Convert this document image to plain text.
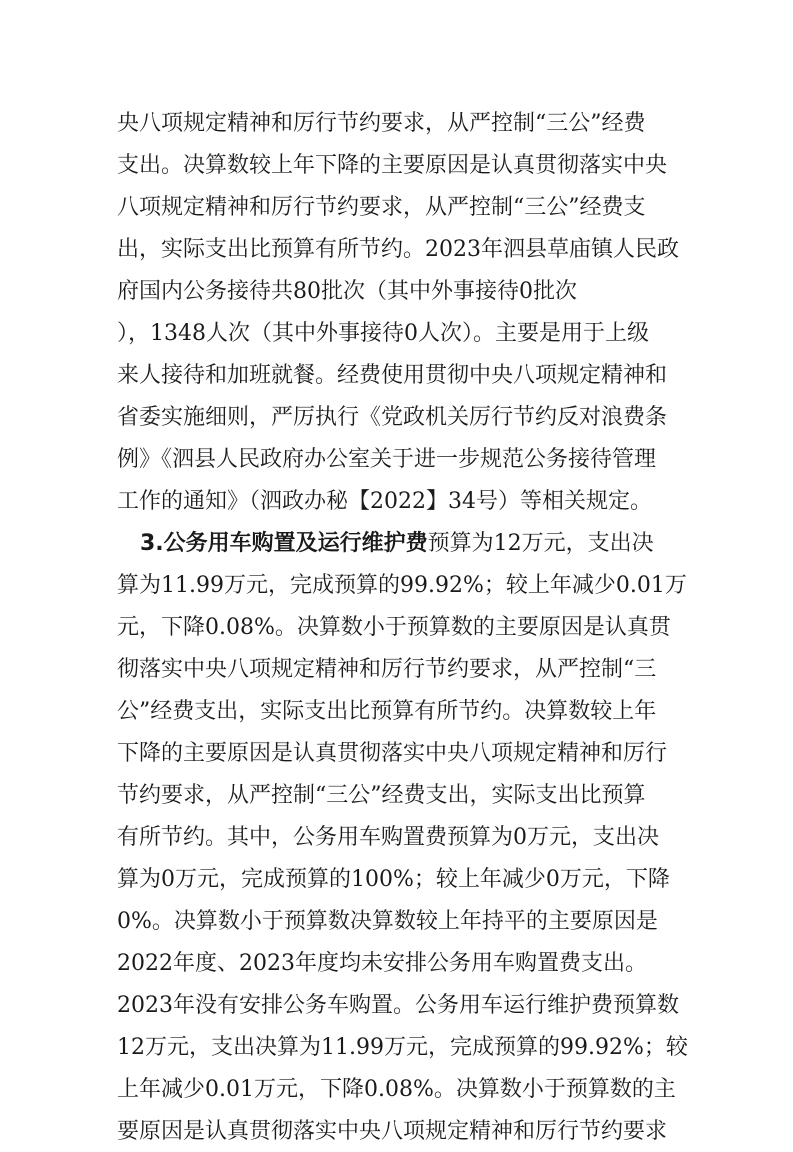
央八项规定精神和厉行节约要求，从严控制“三公”经费
支出。决算数较上年下降的主要原因是认真贯彻落实中央
八项规定精神和厉行节约要求，从严控制“三公”经费支
出，实际支出比预算有所节约。2023年泗县草庙镇人民政
府国内公务接待共80批次（其中外事接待0批次
），1348人次（其中外事接待0人次）。主要是用于上级
来人接待和加班就餐。经费使用贯彻中央八项规定精神和
省委实施细则，严厉执行《党政机关厉行节约反对浪费条
例》《泗县人民政府办公室关于进一步规范公务接待管理
工作的通知》（泗政办秘【2022】34号）等相关规定。
3.公务用车购置及运行维护费预算为12万元，支出决
算为11.99万元，完成预算的99.92%；较上年减少0.01万
元，下降0.08%。决算数小于预算数的主要原因是认真贯
彻落实中央八项规定精神和厉行节约要求，从严控制“三
公”经费支出，实际支出比预算有所节约。决算数较上年
下降的主要原因是认真贯彻落实中央八项规定精神和厉行
节约要求，从严控制“三公”经费支出，实际支出比预算
有所节约。其中，公务用车购置费预算为0万元，支出决
算为0万元，完成预算的100%；较上年减少0万元，下降
0%。决算数小于预算数决算数较上年持平的主要原因是
2022年度、2023年度均未安排公务用车购置费支出。
2023年没有安排公务车购置。公务用车运行维护费预算数
12万元，支出决算为11.99万元，完成预算的99.92%；较
上年减少0.01万元，下降0.08%。决算数小于预算数的主
要原因是认真贯彻落实中央八项规定精神和厉行节约要求
